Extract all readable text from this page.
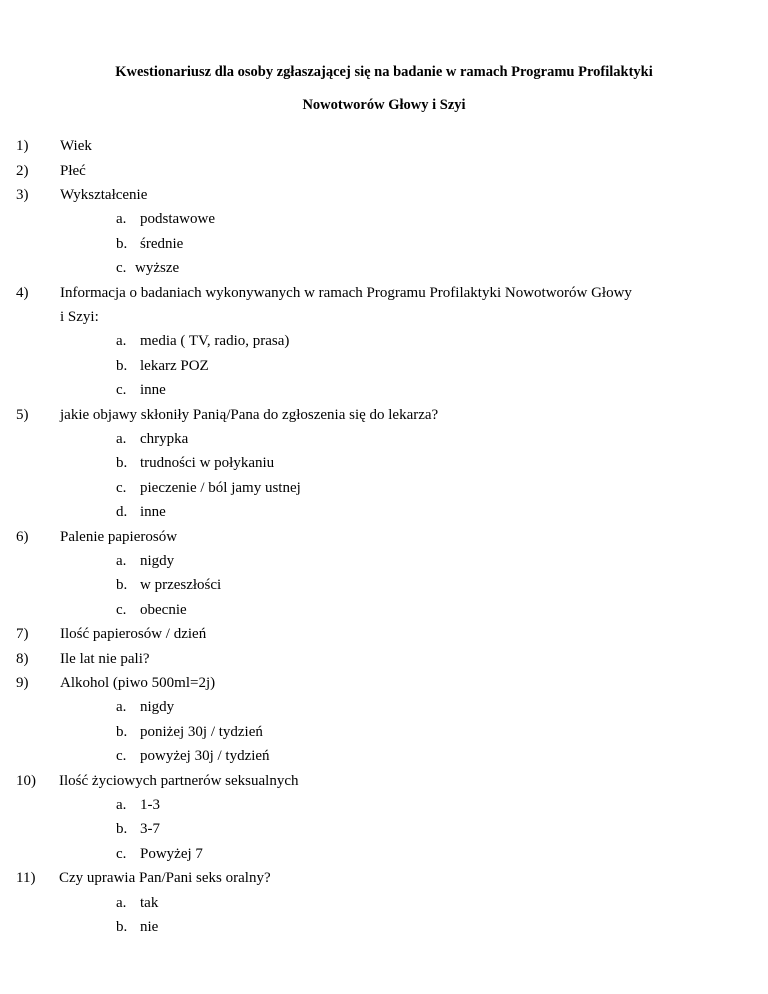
Kwestionariusz dla osoby zgłaszającej się na badanie w ramach Programu Profilaktyki
Nowotworów Głowy i Szyi
1) Wiek
2) Płeć
3) Wykształcenie
a. podstawowe
b. średnie
c. wyższe
4) Informacja o badaniach wykonywanych w ramach Programu Profilaktyki Nowotworów Głowy
i Szyi:
a. media ( TV, radio, prasa)
b. lekarz POZ
c. inne
5) jakie objawy skłoniły Panią/Pana do zgłoszenia się do lekarza?
a. chrypka
b. trudności w połykaniu
c. pieczenie / ból jamy ustnej
d. inne
6) Palenie papierosów
a. nigdy
b. w przeszłości
c. obecnie
7) Ilość papierosów / dzień
8) Ile lat nie pali?
9) Alkohol (piwo 500ml=2j)
a. nigdy
b. poniżej 30j / tydzień
c. powyżej 30j / tydzień
10) Ilość życiowych partnerów seksualnych
a. 1-3
b. 3-7
c. Powyżej 7
11) Czy uprawia Pan/Pani seks oralny?
a. tak
b. nie
